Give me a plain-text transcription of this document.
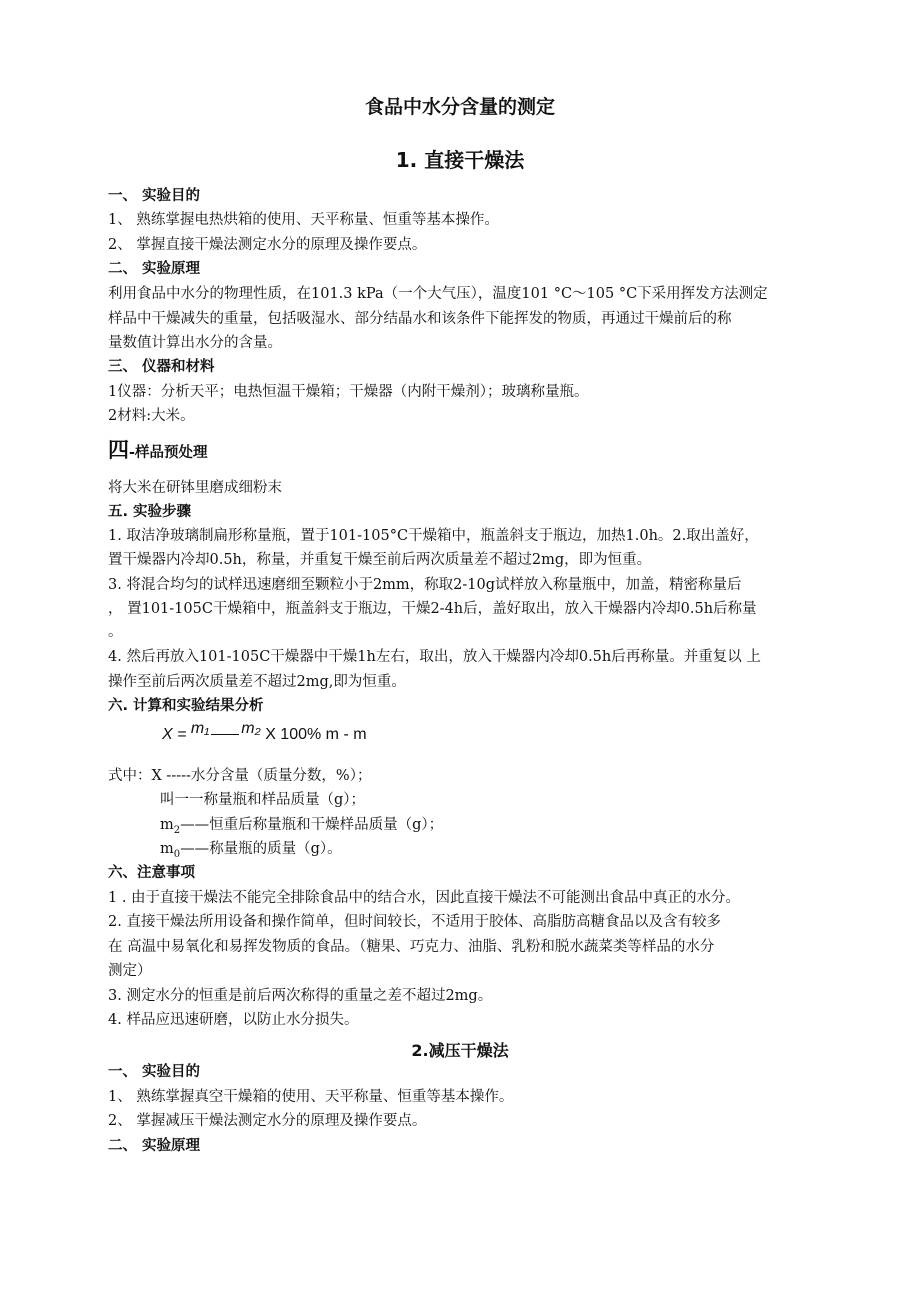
食品中水分含量的测定
1. 直接干燥法
一、 实验目的
1、 熟练掌握电热烘箱的使用、天平称量、恒重等基本操作。
2、 掌握直接干燥法测定水分的原理及操作要点。
二、 实验原理
利用食品中水分的物理性质，在101.3 kPa（一个大气压），温度101 °C～105 °C下采用挥发方法测定
样品中干燥减失的重量，包括吸湿水、部分结晶水和该条件下能挥发的物质，再通过干燥前后的称
量数值计算出水分的含量。
三、 仪器和材料
1仪器：分析天平；电热恒温干燥箱；干燥器（内附干燥剂）；玻璃称量瓶。
2材料:大米。
四-样品预处理
将大米在研钵里磨成细粉末
五. 实验步骤
1. 取洁净玻璃制扁形称量瓶，置于101-105°C干燥箱中，瓶盖斜支于瓶边，加热1.0h。2.取出盖好，
置干燥器内冷却0.5h，称量，并重复干燥至前后两次质量差不超过2mg，即为恒重。
3. 将混合均匀的试样迅速磨细至颗粒小于2mm，称取2-10g试样放入称量瓶中，加盖，精密称量后
， 置101-105C干燥箱中，瓶盖斜支于瓶边，干燥2-4h后，盖好取出，放入干燥器内冷却0.5h后称量
。
4. 然后再放入101-105C干燥器中干燥1h左右，取出，放入干燥器内冷却0.5h后再称量。并重复以 上
操作至前后两次质量差不超过2mg,即为恒重。
六. 计算和实验结果分析
X = m₁ m₂ X 100% m - m
式中：X -----水分含量（质量分数，%）；
叫一一称量瓶和样品质量（g）；
$m_2——$恒重后称量瓶和干燥样品质量（g）；
$m_0——$称量瓶的质量（g）。
六、注意事项
1 . 由于直接干燥法不能完全排除食品中的结合水，因此直接干燥法不可能测出食品中真正的水分。
2. 直接干燥法所用设备和操作简单，但时间较长，不适用于胶体、高脂肪高糖食品以及含有较多
在 高温中易氧化和易挥发物质的食品。（糖果、巧克力、油脂、乳粉和脱水蔬菜类等样品的水分
测定）
3. 测定水分的恒重是前后两次称得的重量之差不超过2mg。
4. 样品应迅速研磨，以防止水分损失。
2.减压干燥法
一、 实验目的
1、 熟练掌握真空干燥箱的使用、天平称量、恒重等基本操作。
2、 掌握减压干燥法测定水分的原理及操作要点。
二、 实验原理
